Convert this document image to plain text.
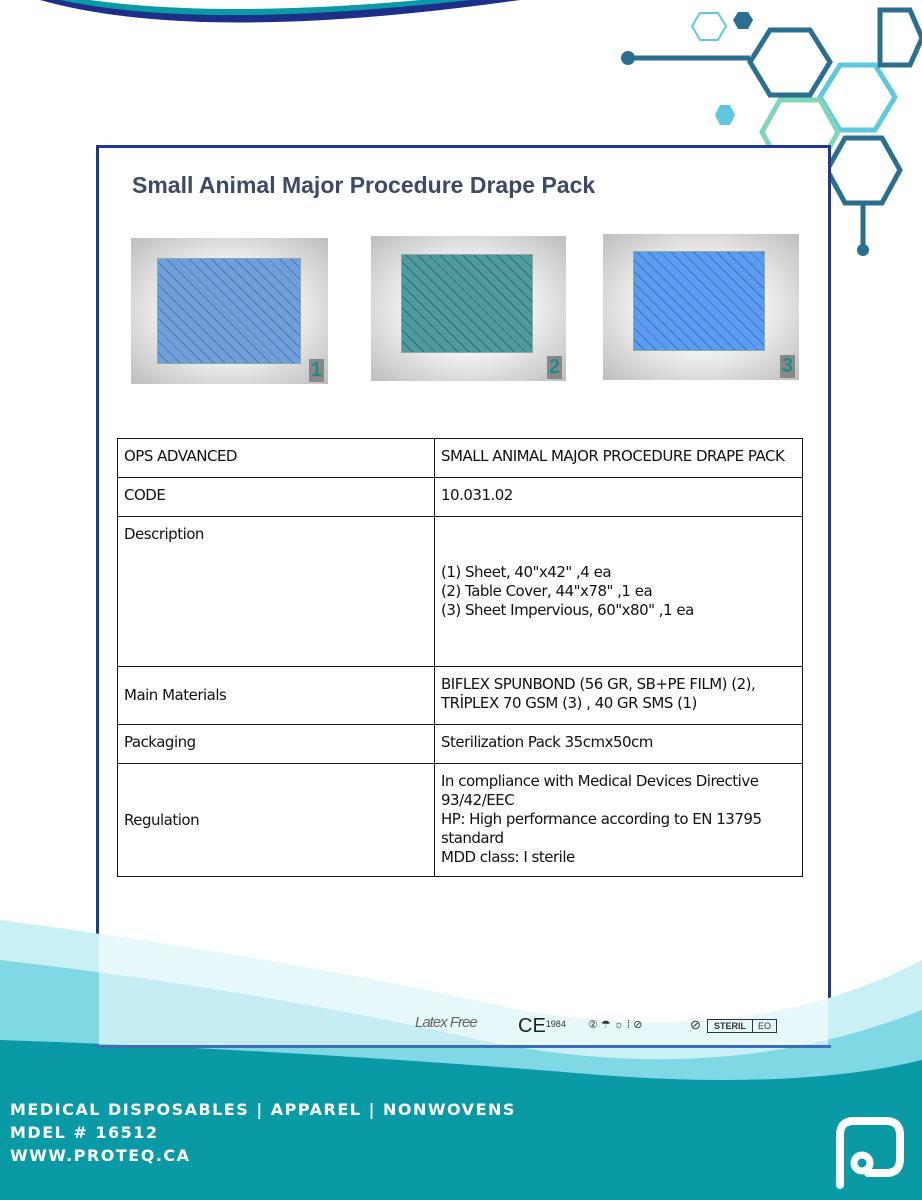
Small Animal Major Procedure Drape Pack
1	2	3
OPS ADVANCED	SMALL ANIMAL MAJOR PROCEDURE DRAPE PACK
CODE	10.031.02
Description	(1) Sheet, 40"x42" ,4 ea
(2) Table Cover, 44"x78" ,1 ea
(3) Sheet Impervious, 60"x80" ,1 ea

Main Materials	BIFLEX SPUNBOND (56 GR, SB+PE FILM) (2), TRİPLEX 70 GSM (3) , 40 GR SMS (1)
Packaging	Sterilization Pack 35cmx50cm
Regulation	In compliance with Medical Devices Directive 93/42/EEC
HP: High performance according to EN 13795 standard
MDD class: I sterile
Latex Free $CE^{1984}$ ② ☂ ☼ ⁞ ⊘	⊘	STERIL	EO
MEDICAL DISPOSABLES | APPAREL | NONWOVENS
MDEL # 16512
WWW.PROTEQ.CA
